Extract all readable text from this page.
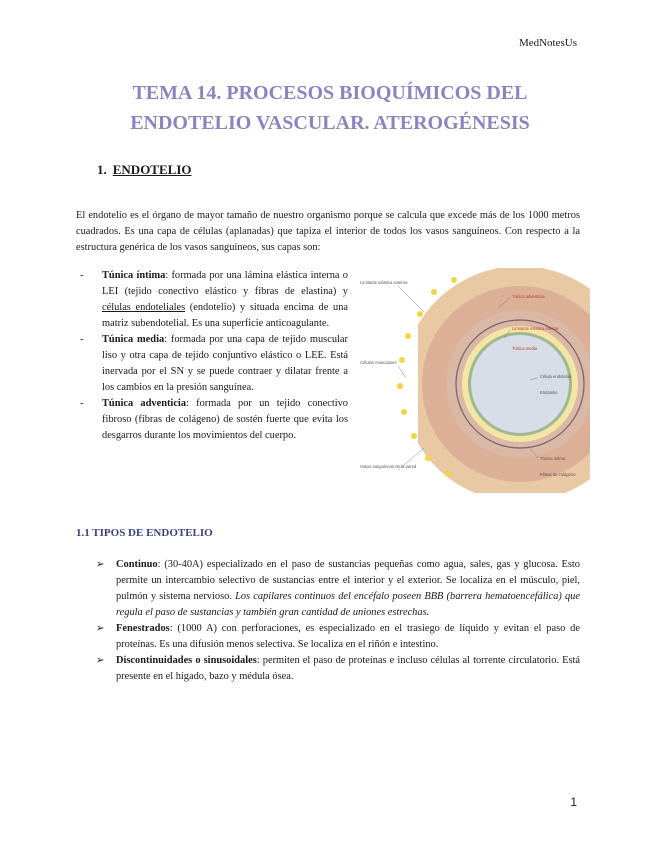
MedNotesUs
TEMA 14. PROCESOS BIOQUÍMICOS DEL
ENDOTELIO VASCULAR. ATEROGÉNESIS
1. ENDOTELIO

El endotelio es el órgano de mayor tamaño de nuestro organismo porque se calcula que excede más de los 1000 metros cuadrados. Es una capa de células (aplanadas) que tapiza el interior de todos los vasos sanguíneos. Con respecto a la estructura genérica de los vasos sanguíneos, sus capas son:

- Túnica íntima: formada por una lámina elástica interna o LEI (tejido conectivo elástico y fibras de elastina) y células endoteliales (endotelio) y situada encima de una matriz subendotelial. Es una superficie anticoagulante.
- Túnica media: formada por una capa de tejido muscular liso y otra capa de tejido conjuntivo elástico o LEE. Está inervada por el SN y se puede contraer y dilatar frente a los cambios en la presión sanguínea.
- Túnica adventicia: formada por un tejido conectivo fibroso (fibras de colágeno) de sostén fuerte que evita los desgarros durante los movimientos del cuerpo.
Limitante elástica externa
Células musculares
Vasos sanguíneos de la pared
Túnica adventicia
Limitante elástica interna
Túnica media
Célula endotelial
Endotelio
Túnica íntima
Fibras de colágeno
1.1 TIPOS DE ENDOTELIO
➢ Continuo: (30-40A) especializado en el paso de sustancias pequeñas como agua, sales, gas y glucosa. Esto permite un intercambio selectivo de sustancias entre el interior y el exterior. Se localiza en el músculo, piel, pulmón y sistema nervioso. Los capilares continuos del encéfalo poseen BBB (barrera hematoencefálica) que regula el paso de sustancias y también gran cantidad de uniones estrechas.
➢ Fenestrados: (1000 A) con perforaciones, es especializado en el trasiego de líquido y evitan el paso de proteínas. Es una difusión menos selectiva. Se localiza en el riñón e intestino.
➢ Discontinuidades o sinusoidales: permiten el paso de proteínas e incluso células al torrente circulatorio. Está presente en el hígado, bazo y médula ósea.
1
